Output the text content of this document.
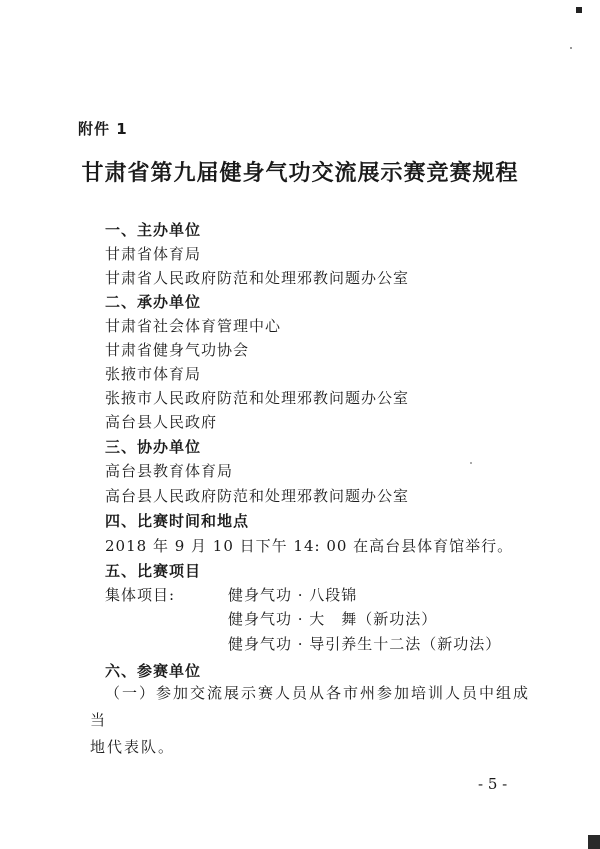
附件 1
甘肃省第九届健身气功交流展示赛竞赛规程
一、主办单位
甘肃省体育局
甘肃省人民政府防范和处理邪教问题办公室
二、承办单位
甘肃省社会体育管理中心
甘肃省健身气功协会
张掖市体育局
张掖市人民政府防范和处理邪教问题办公室
高台县人民政府
三、协办单位
高台县教育体育局
高台县人民政府防范和处理邪教问题办公室
四、比赛时间和地点
2018 年 9 月 10 日下午 14: 00 在高台县体育馆举行。
五、比赛项目
集体项目:	健身气功 · 八段锦
健身气功 · 大　舞（新功法）
健身气功 · 导引养生十二法（新功法）
六、参赛单位
（一）参加交流展示赛人员从各市州参加培训人员中组成当
地代表队。
- 5 -
